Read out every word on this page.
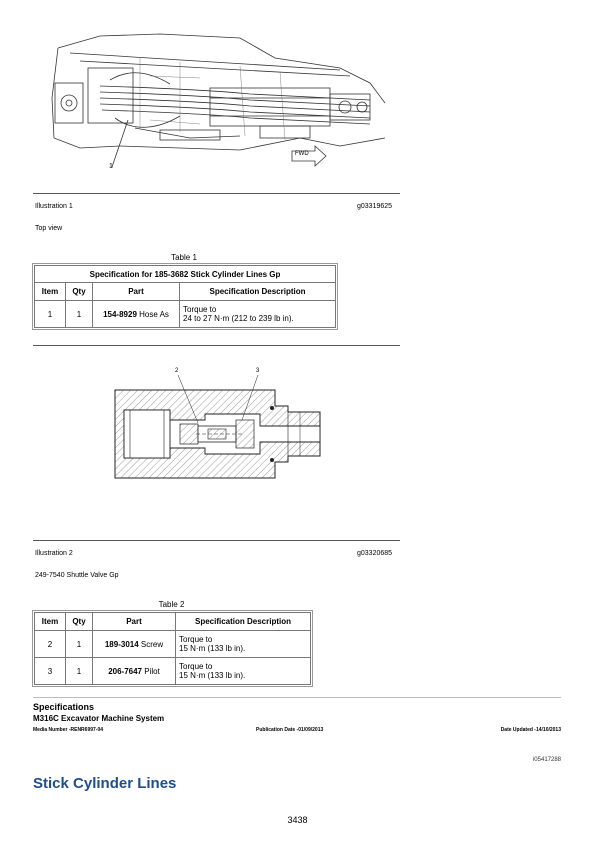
1
FWD
Illustration 1	g03319625
Top view
Table 1
Specification for 185-3682 Stick Cylinder Lines Gp			
Item	Qty	Part	Specification Description
1	1	154-8929 Hose As	Torque to
24 to 27 N·m (212 to 239 lb in).
2	3
Illustration 2	g03320685
249-7540 Shuttle Valve Gp
Table 2
Item	Qty	Part	Specification Description
2	1	189-3014 Screw	Torque to
15 N·m (133 lb in).

3	1	206-7647 Pilot	Torque to
15 N·m (133 lb in).
Specifications
M316C Excavator Machine System
Media Number -RENR6997-04	Publication Date -01/09/2013	Date Updated -14/10/2013
i05417288
Stick Cylinder Lines
3438
